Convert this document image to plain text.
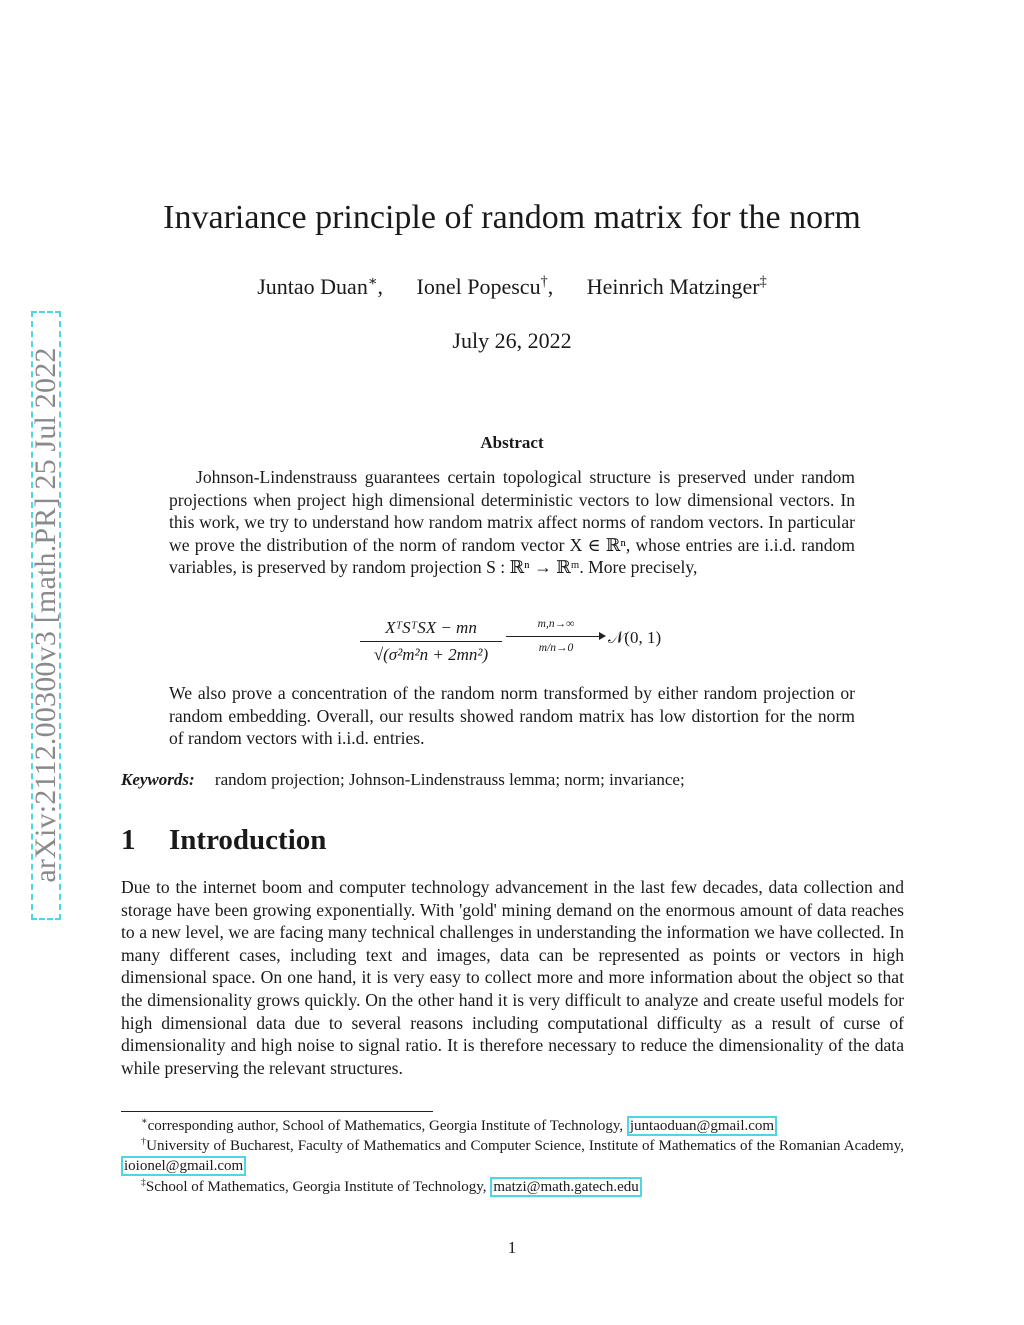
arXiv:2112.00300v3 [math.PR] 25 Jul 2022
Invariance principle of random matrix for the norm
Juntao Duan∗, Ionel Popescu†, Heinrich Matzinger‡
July 26, 2022
Abstract
Johnson-Lindenstrauss guarantees certain topological structure is preserved under random projections when project high dimensional deterministic vectors to low dimensional vectors. In this work, we try to understand how random matrix affect norms of random vectors. In particular we prove the distribution of the norm of random vector X ∈ ℝⁿ, whose entries are i.i.d. random variables, is preserved by random projection S : ℝⁿ → ℝᵐ. More precisely,
XᵀSᵀSX − mn
√(σ²m²n + 2mn²)
m,n→∞
m/n→0
𝒩(0, 1)
We also prove a concentration of the random norm transformed by either random projection or random embedding. Overall, our results showed random matrix has low distortion for the norm of random vectors with i.i.d. entries.
Keywords: random projection; Johnson-Lindenstrauss lemma; norm; invariance;
1 Introduction
Due to the internet boom and computer technology advancement in the last few decades, data collection and storage have been growing exponentially. With 'gold' mining demand on the enormous amount of data reaches to a new level, we are facing many technical challenges in understanding the information we have collected. In many different cases, including text and images, data can be represented as points or vectors in high dimensional space. On one hand, it is very easy to collect more and more information about the object so that the dimensionality grows quickly. On the other hand it is very difficult to analyze and create useful models for high dimensional data due to several reasons including computational difficulty as a result of curse of dimensionality and high noise to signal ratio. It is therefore necessary to reduce the dimensionality of the data while preserving the relevant structures.
∗corresponding author, School of Mathematics, Georgia Institute of Technology, juntaoduan@gmail.com
†University of Bucharest, Faculty of Mathematics and Computer Science, Institute of Mathematics of the Romanian Academy, ioionel@gmail.com
‡School of Mathematics, Georgia Institute of Technology, matzi@math.gatech.edu
1
